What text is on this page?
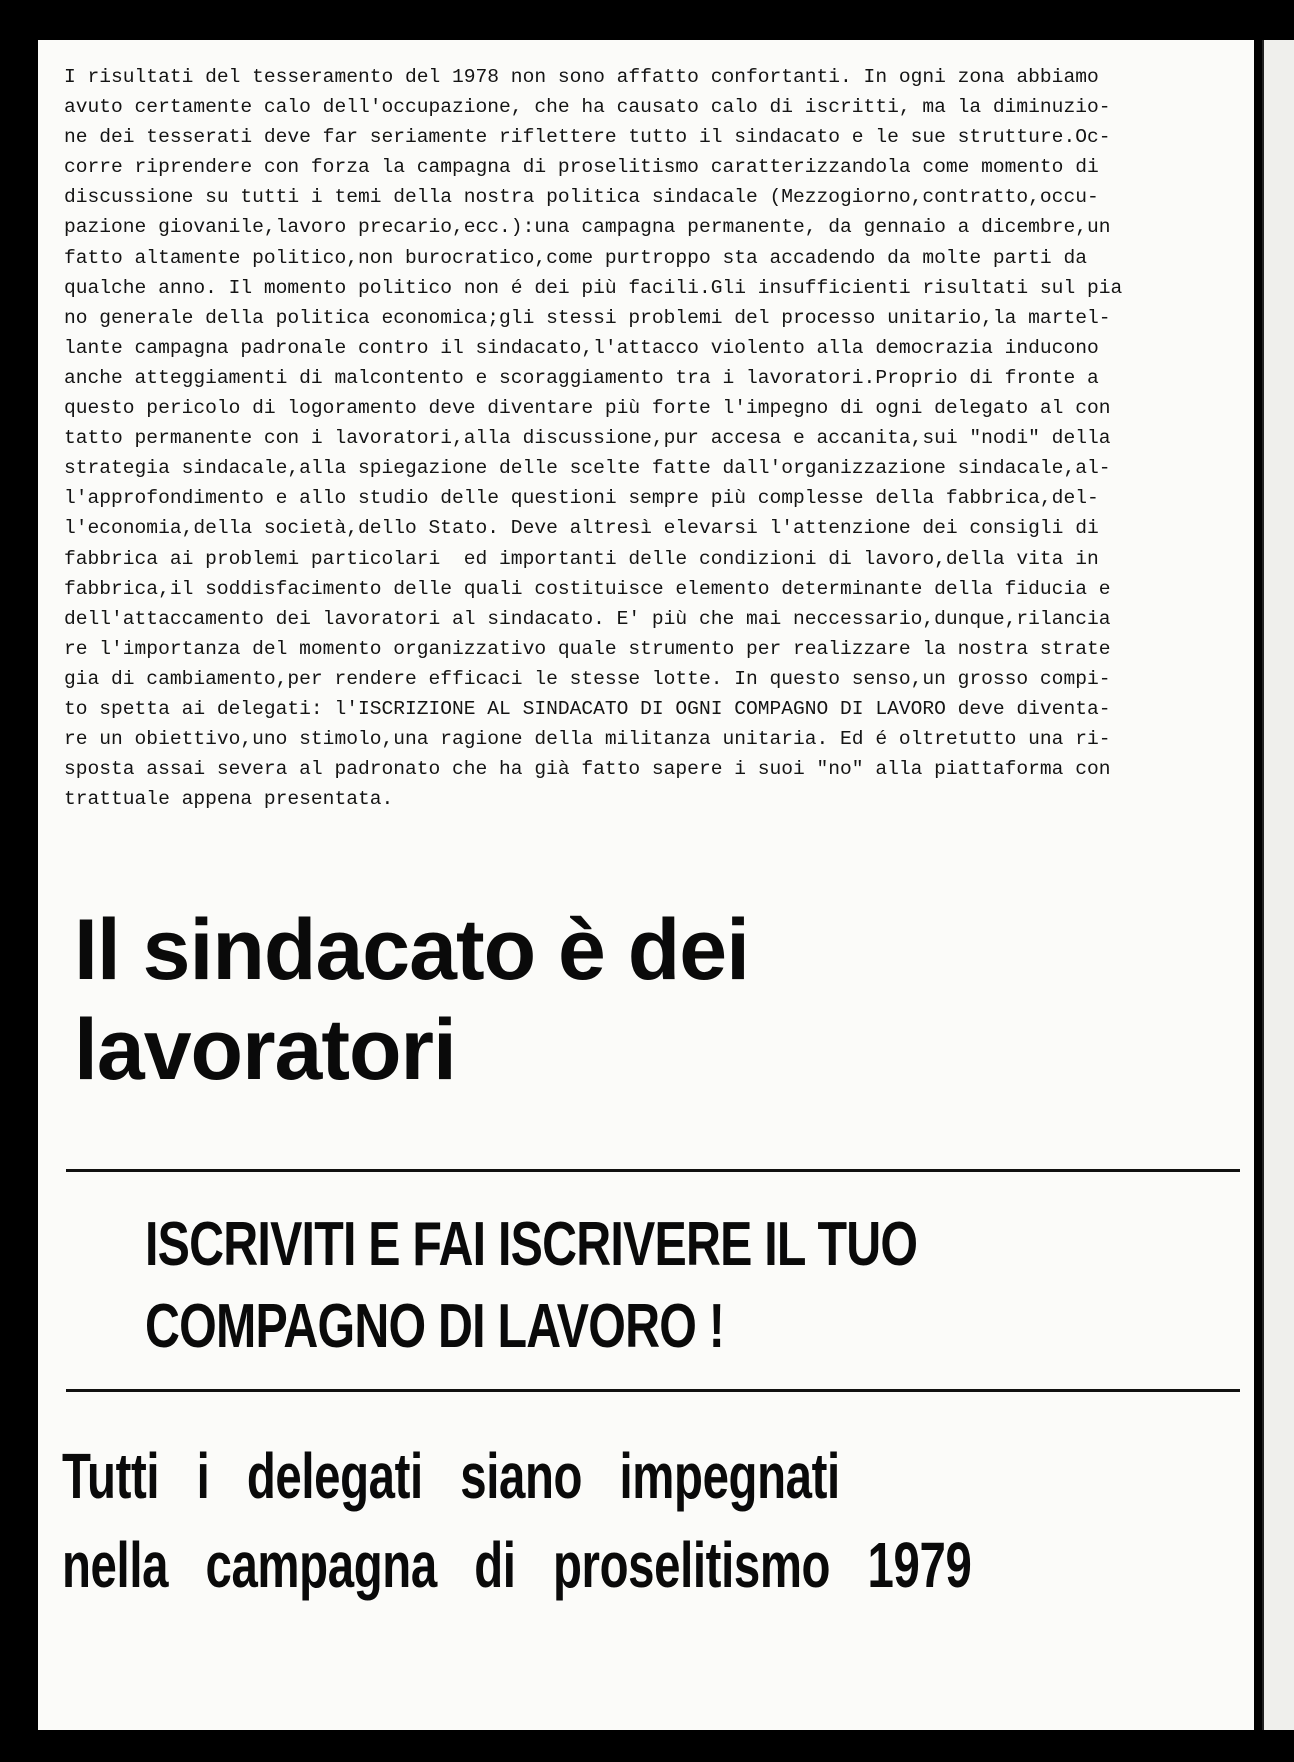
I risultati del tesseramento del 1978 non sono affatto confortanti. In ogni zona abbiamo
avuto certamente calo dell'occupazione, che ha causato calo di iscritti, ma la diminuzio-
ne dei tesserati deve far seriamente riflettere tutto il sindacato e le sue strutture.Oc-
corre riprendere con forza la campagna di proselitismo caratterizzandola come momento di
discussione su tutti i temi della nostra politica sindacale (Mezzogiorno,contratto,occu-
pazione giovanile,lavoro precario,ecc.):una campagna permanente, da gennaio a dicembre,un
fatto altamente politico,non burocratico,come purtroppo sta accadendo da molte parti da
qualche anno. Il momento politico non é dei più facili.Gli insufficienti risultati sul pia
no generale della politica economica;gli stessi problemi del processo unitario,la martel-
lante campagna padronale contro il sindacato,l'attacco violento alla democrazia inducono
anche atteggiamenti di malcontento e scoraggiamento tra i lavoratori.Proprio di fronte a
questo pericolo di logoramento deve diventare più forte l'impegno di ogni delegato al con
tatto permanente con i lavoratori,alla discussione,pur accesa e accanita,sui "nodi" della
strategia sindacale,alla spiegazione delle scelte fatte dall'organizzazione sindacale,al-
l'approfondimento e allo studio delle questioni sempre più complesse della fabbrica,del-
l'economia,della società,dello Stato. Deve altresì elevarsi l'attenzione dei consigli di
fabbrica ai problemi particolari  ed importanti delle condizioni di lavoro,della vita in
fabbrica,il soddisfacimento delle quali costituisce elemento determinante della fiducia e
dell'attaccamento dei lavoratori al sindacato. E' più che mai neccessario,dunque,rilancia
re l'importanza del momento organizzativo quale strumento per realizzare la nostra strate
gia di cambiamento,per rendere efficaci le stesse lotte. In questo senso,un grosso compi-
to spetta ai delegati: l'ISCRIZIONE AL SINDACATO DI OGNI COMPAGNO DI LAVORO deve diventa-
re un obiettivo,uno stimolo,una ragione della militanza unitaria. Ed é oltretutto una ri-
sposta assai severa al padronato che ha già fatto sapere i suoi "no" alla piattaforma con
trattuale appena presentata.
Il sindacato è dei
lavoratori
ISCRIVITI E FAI ISCRIVERE IL TUO
COMPAGNO DI LAVORO !
Tutti  i  delegati  siano  impegnati
nella  campagna  di  proselitismo  1979
